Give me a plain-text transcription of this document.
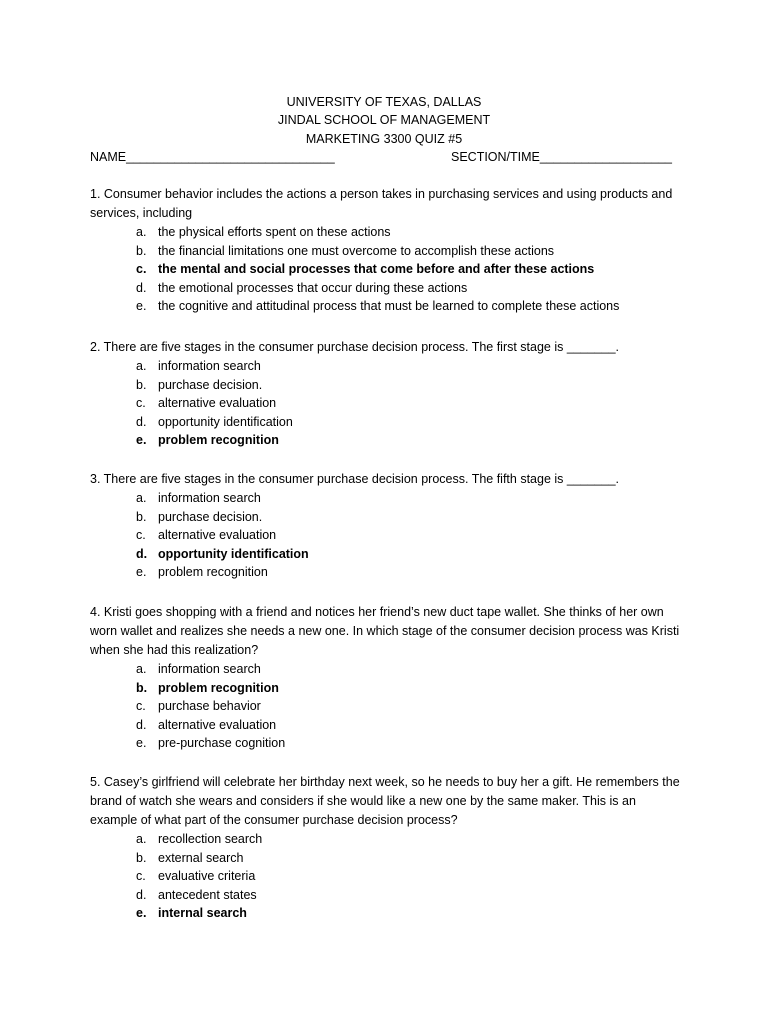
UNIVERSITY OF TEXAS, DALLAS
JINDAL SCHOOL OF MANAGEMENT
MARKETING 3300 QUIZ #5
NAME______________________________	SECTION/TIME___________________

1. Consumer behavior includes the actions a person takes in purchasing services and using products and services, including

a. the physical efforts spent on these actions
b. the financial limitations one must overcome to accomplish these actions
c. the mental and social processes that come before and after these actions
d. the emotional processes that occur during these actions
e. the cognitive and attitudinal process that must be learned to complete these actions

2. There are five stages in the consumer purchase decision process. The first stage is _______.

a. information search
b. purchase decision.
c. alternative evaluation
d. opportunity identification
e. problem recognition

3. There are five stages in the consumer purchase decision process. The fifth stage is _______.

a. information search
b. purchase decision.
c. alternative evaluation
d. opportunity identification
e. problem recognition

4. Kristi goes shopping with a friend and notices her friend’s new duct tape wallet. She thinks of her own worn wallet and realizes she needs a new one. In which stage of the consumer decision process was Kristi when she had this realization?

a. information search
b. problem recognition
c. purchase behavior
d. alternative evaluation
e. pre-purchase cognition

5. Casey’s girlfriend will celebrate her birthday next week, so he needs to buy her a gift. He remembers the brand of watch she wears and considers if she would like a new one by the same maker. This is an example of what part of the consumer purchase decision process?

a. recollection search
b. external search
c. evaluative criteria
d. antecedent states
e. internal search
